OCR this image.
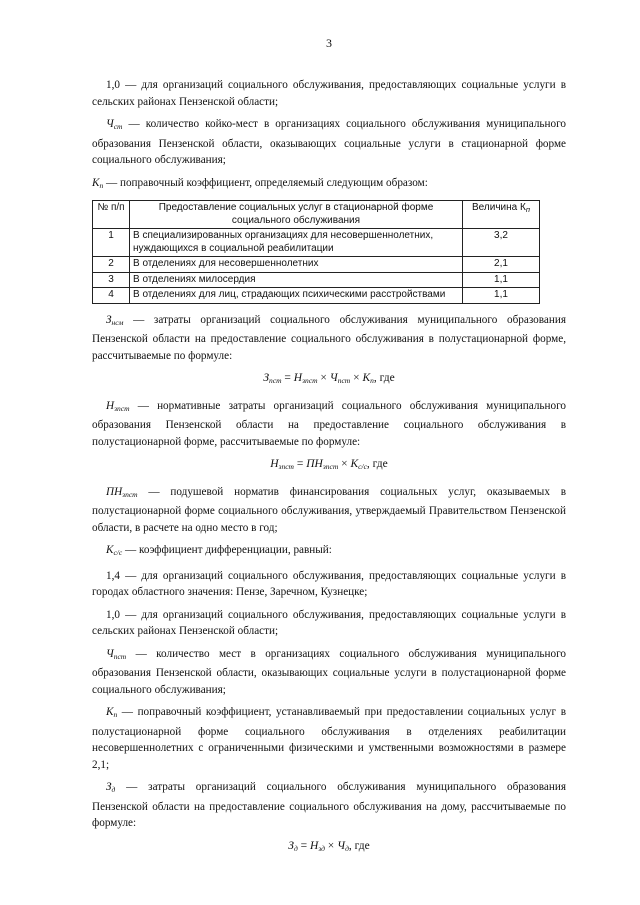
3

1,0 — для организаций социального обслуживания, предоставляющих социальные услуги в сельских районах Пензенской области;

$Ч_{ст}$ — количество койко-мест в организациях социального обслуживания муниципального образования Пензенской области, оказывающих социальные услуги в стационарной форме социального обслуживания;

$К_п$ — поправочный коэффициент, определяемый следующим образом:

№ п/п	Предоставление социальных услуг в стационарной форме социального обслуживания	Величина $К_п$
1	В специализированных организациях для несовершеннолетних, нуждающихся в социальной реабилитации	3,2
2	В отделениях для несовершеннолетних	2,1
3	В отделениях милосердия	1,1
4	В отделениях для лиц, страдающих психическими расстройствами	1,1

$З_{нсм}$ — затраты организаций социального обслуживания муниципального образования Пензенской области на предоставление социального обслуживания в полустационарной форме, рассчитываемые по формуле:

$З_{пст} = Н_{зпст} \times Ч_{пст} \times К_п$, где

$Н_{зпст}$ — нормативные затраты организаций социального обслуживания муниципального образования Пензенской области на предоставление социального обслуживания в полустационарной форме, рассчитываемые по формуле:

$Н_{зпст} = ПН_{зпст} \times К_{с/с}$, где

$ПН_{зпст}$ — подушевой норматив финансирования социальных услуг, оказываемых в полустационарной форме социального обслуживания, утверждаемый Правительством Пензенской области, в расчете на одно место в год;

$К_{с/с}$ — коэффициент дифференциации, равный:

1,4 — для организаций социального обслуживания, предоставляющих социальные услуги в городах областного значения: Пензе, Заречном, Кузнецке;

1,0 — для организаций социального обслуживания, предоставляющих социальные услуги в сельских районах Пензенской области;

$Ч_{пст}$ — количество мест в организациях социального обслуживания муниципального образования Пензенской области, оказывающих социальные услуги в полустационарной форме социального обслуживания;

$К_п$ — поправочный коэффициент, устанавливаемый при предоставлении социальных услуг в полустационарной форме социального обслуживания в отделениях реабилитации несовершеннолетних с ограниченными физическими и умственными возможностями в размере 2,1;

$З_д$ — затраты организаций социального обслуживания муниципального образования Пензенской области на предоставление социального обслуживания на дому, рассчитываемые по формуле:

$З_д = Н_{зд} \times Ч_д$, где
